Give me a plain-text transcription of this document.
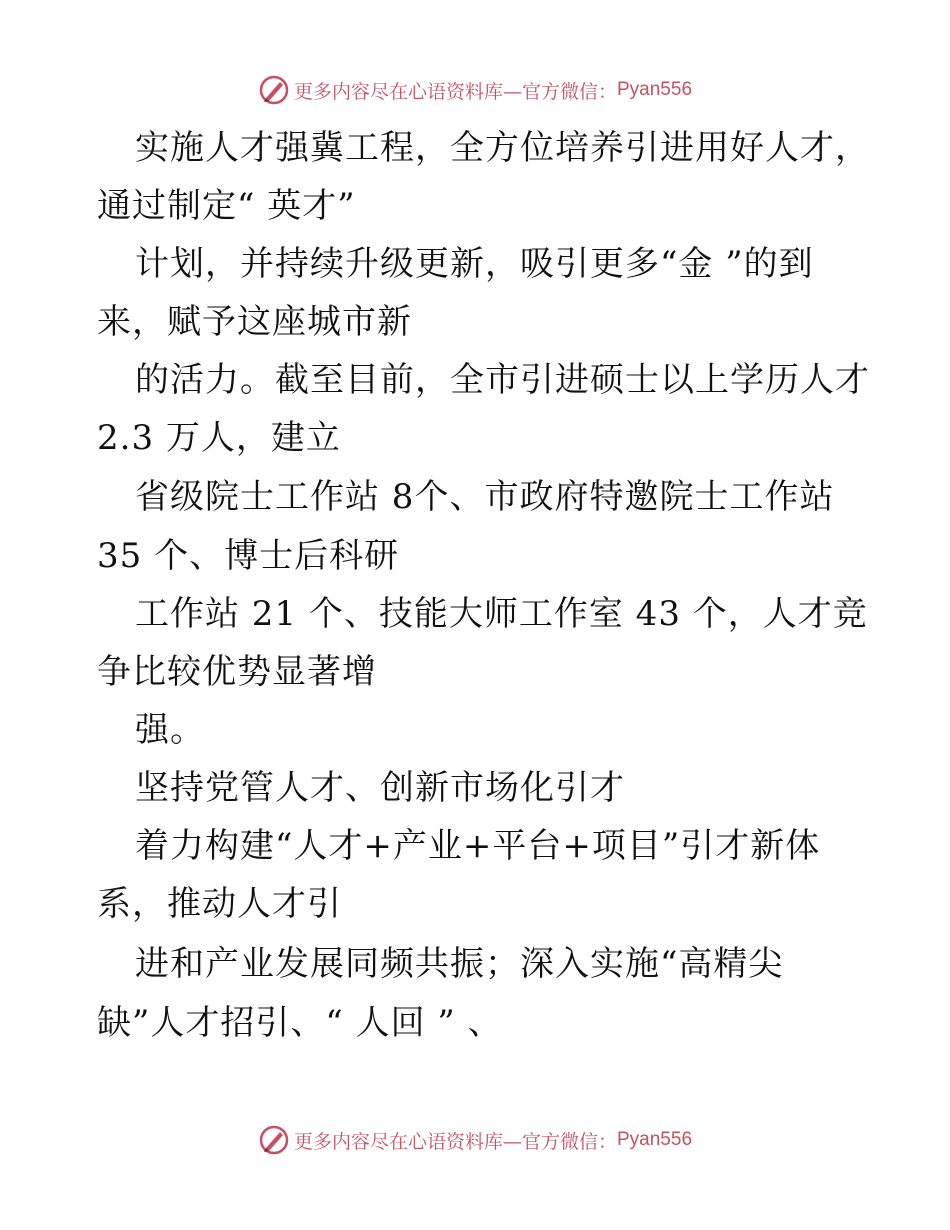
更多内容尽在心语资料库—官方微信： Pyan556
实施人才强冀工程，全方位培养引进用好人才，
通过制定“ 英才”
计划，并持续升级更新，吸引更多“金 ”的到
来，赋予这座城市新
的活力。截至目前，全市引进硕士以上学历人才
2.3 万人，建立
省级院士工作站 8个、市政府特邀院士工作站
35 个、博士后科研
工作站 21 个、技能大师工作室 43 个，人才竞
争比较优势显著增
强。
坚持党管人才、创新市场化引才
着力构建“人才+产业+平台+项目”引才新体
系，推动人才引
进和产业发展同频共振；深入实施“高精尖
缺”人才招引、“ 人回 ” 、
更多内容尽在心语资料库—官方微信： Pyan556
